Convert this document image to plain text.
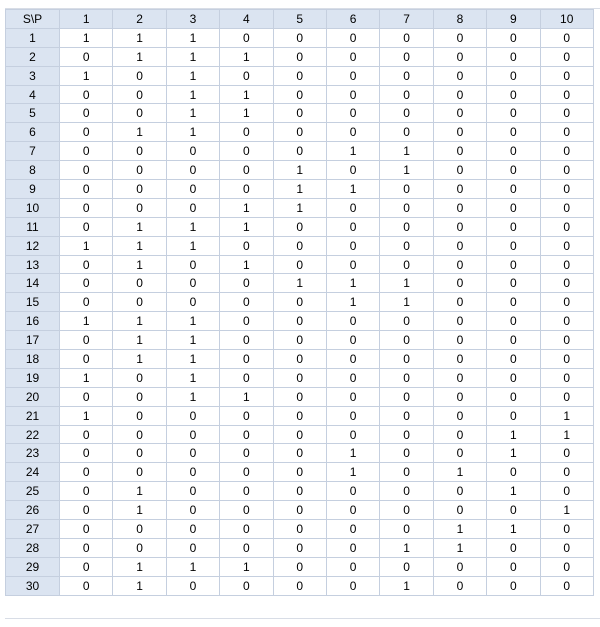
S\P	1	2	3	4	5	6	7	8	9	10
1	1	1	1	0	0	0	0	0	0	0
2	0	1	1	1	0	0	0	0	0	0
3	1	0	1	0	0	0	0	0	0	0
4	0	0	1	1	0	0	0	0	0	0
5	0	0	1	1	0	0	0	0	0	0
6	0	1	1	0	0	0	0	0	0	0
7	0	0	0	0	0	1	1	0	0	0
8	0	0	0	0	1	0	1	0	0	0
9	0	0	0	0	1	1	0	0	0	0
10	0	0	0	1	1	0	0	0	0	0
11	0	1	1	1	0	0	0	0	0	0
12	1	1	1	0	0	0	0	0	0	0
13	0	1	0	1	0	0	0	0	0	0
14	0	0	0	0	1	1	1	0	0	0
15	0	0	0	0	0	1	1	0	0	0
16	1	1	1	0	0	0	0	0	0	0
17	0	1	1	0	0	0	0	0	0	0
18	0	1	1	0	0	0	0	0	0	0
19	1	0	1	0	0	0	0	0	0	0
20	0	0	1	1	0	0	0	0	0	0
21	1	0	0	0	0	0	0	0	0	1
22	0	0	0	0	0	0	0	0	1	1
23	0	0	0	0	0	1	0	0	1	0
24	0	0	0	0	0	1	0	1	0	0
25	0	1	0	0	0	0	0	0	1	0
26	0	1	0	0	0	0	0	0	0	1
27	0	0	0	0	0	0	0	1	1	0
28	0	0	0	0	0	0	1	1	0	0
29	0	1	1	1	0	0	0	0	0	0
30	0	1	0	0	0	0	1	0	0	0
